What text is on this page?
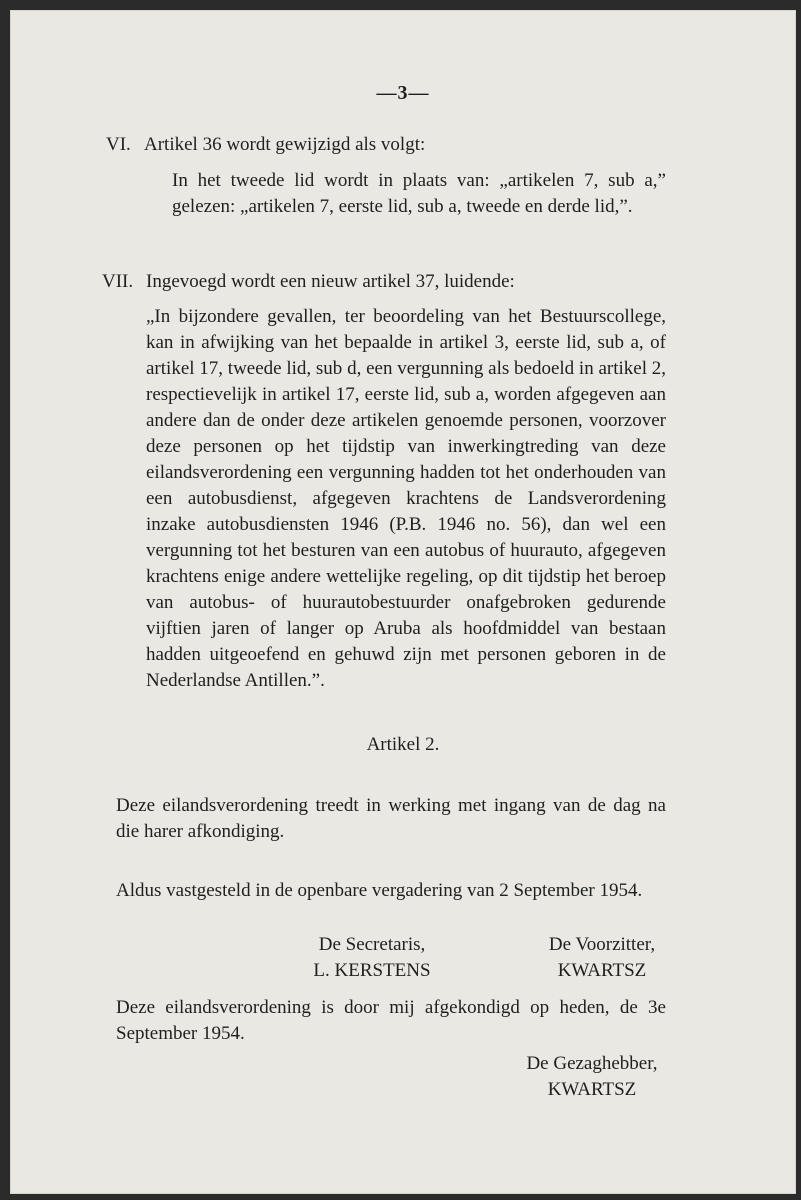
—3—
VI. Artikel 36 wordt gewijzigd als volgt:
In het tweede lid wordt in plaats van: „artikelen 7, sub a,” gelezen: „artikelen 7, eerste lid, sub a, tweede en derde lid,”.
VII. Ingevoegd wordt een nieuw artikel 37, luidende:
„In bijzondere gevallen, ter beoordeling van het Bestuurscollege, kan in afwijking van het bepaalde in artikel 3, eerste lid, sub a, of artikel 17, tweede lid, sub d, een vergunning als bedoeld in artikel 2, respectievelijk in artikel 17, eerste lid, sub a, worden afgegeven aan andere dan de onder deze artikelen genoemde personen, voorzover deze personen op het tijdstip van inwerkingtreding van deze eilandsverordening een vergunning hadden tot het onderhouden van een autobusdienst, afgegeven krachtens de Landsverordening inzake autobusdiensten 1946 (P.B. 1946 no. 56), dan wel een vergunning tot het besturen van een autobus of huurauto, afgegeven krachtens enige andere wettelijke regeling, op dit tijdstip het beroep van autobus- of huurautobestuurder onafgebroken gedurende vijftien jaren of langer op Aruba als hoofdmiddel van bestaan hadden uitgeoefend en gehuwd zijn met personen geboren in de Nederlandse Antillen.”.
Artikel 2.
Deze eilandsverordening treedt in werking met ingang van de dag na die harer afkondiging.
Aldus vastgesteld in de openbare vergadering van 2 September 1954.
De Secretaris,
L. KERSTENS
De Voorzitter,
KWARTSZ
Deze eilandsverordening is door mij afgekondigd op heden, de 3e September 1954.
De Gezaghebber,
KWARTSZ
